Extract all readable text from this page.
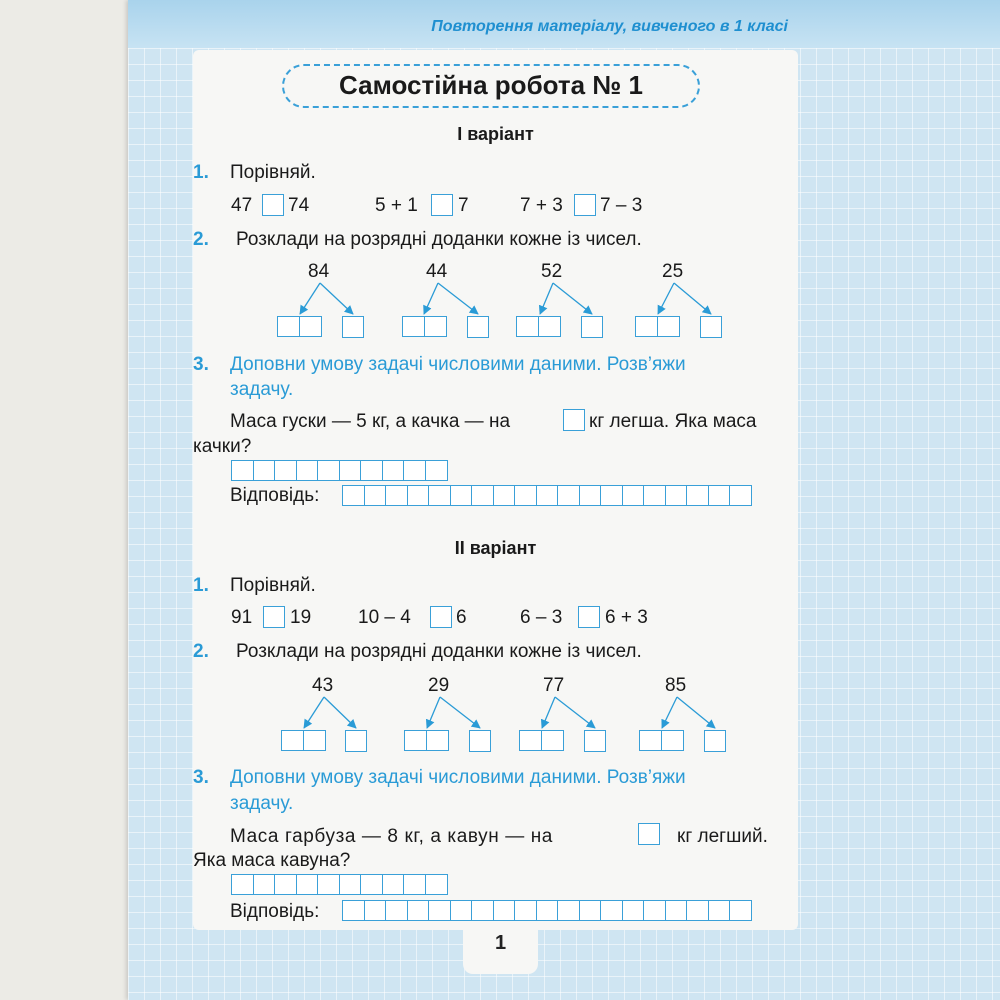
Повторення матеріалу, вивченого в 1 класі
1
Самостійна робота № 1
I варіант
1. Порівняй.
47 74	5 + 1 7	7 + 3 7 – 3
2. Розклади на розрядні доданки кожне із чисел.
84	44	52	25
3. Доповни умову задачі числовими даними. Розв’яжи
задачу.
Маса гуски — 5 кг, а качка — на	кг легша. Яка маса
качки?
Відповідь:
II варіант
1. Порівняй.
91 19 10 – 4 6	6 – 3 6 + 3
2. Розклади на розрядні доданки кожне із чисел.
43	29	77	85
3. Доповни умову задачі числовими даними. Розв’яжи
задачу.
Маса гарбуза — 8 кг, а кавун — на	кг легший.
Яка маса кавуна?
Відповідь:
